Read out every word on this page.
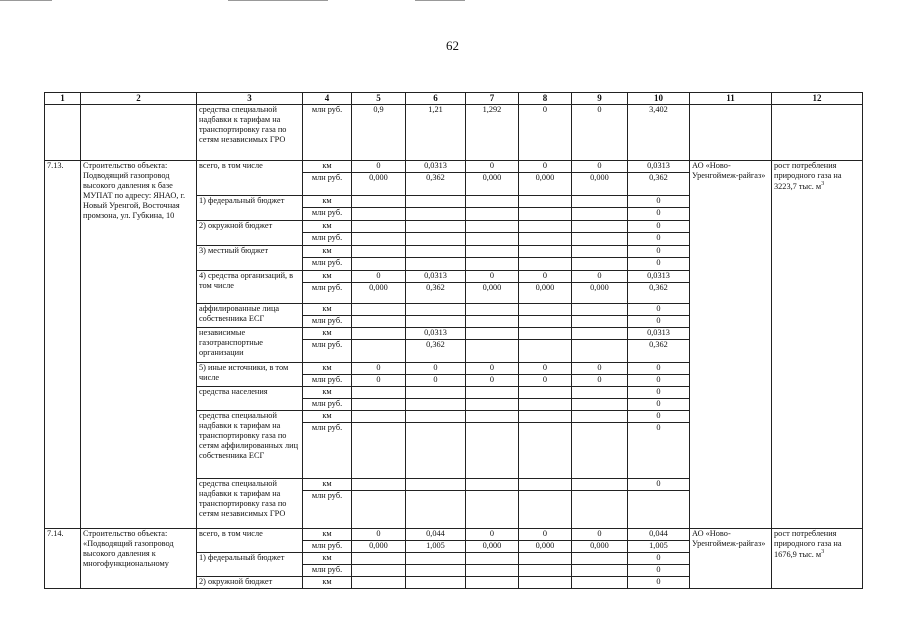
62
1	2	3	4	5	6	7	8	9	10	11	12
		средства специальной надбавки к тарифам на транспортировку газа по сетям независимых ГРО	млн руб.	0,9	1,21	1,292	0	0	3,402		
7.13.	Строительство объекта: Подводящий газопровод высокого давления к базе МУПАТ по адресу: ЯНАО, г. Новый Уренгой, Восточная промзона, ул. Губкина, 10	всего, в том числе	км	0	0,0313	0	0	0	0,0313	АО «Ново-Уренгоймеж-райгаз»	рост потребления природного газа на 3223,7 тыс. $м^3$
			млн руб.	0,000	0,362	0,000	0,000	0,000	0,362		
		1) федеральный бюджет	км						0		
			млн руб.						0		
		2) окружной бюджет	км						0		
			млн руб.						0		
		3) местный бюджет	км						0		
			млн руб.						0		
		4) средства организаций, в том числе	км	0	0,0313	0	0	0	0,0313		
			млн руб.	0,000	0,362	0,000	0,000	0,000	0,362		
		аффилированные лица собственника ЕСГ	км						0		
			млн руб.						0		
		независимые газотранспортные организации	км		0,0313				0,0313		
			млн руб.		0,362				0,362		
		5) иные источники, в том числе	км	0	0	0	0	0	0		
			млн руб.	0	0	0	0	0	0		
		средства населения	км						0		
			млн руб.						0		
		средства специальной надбавки к тарифам на транспортировку газа по сетям аффилированных лиц собственника ЕСГ	км						0		
			млн руб.						0		
		средства специальной надбавки к тарифам на транспортировку газа по сетям независимых ГРО	км						0		
			млн руб.								
7.14.	Строительство объекта: «Подводящий газопровод высокого давления к многофункциональному	всего, в том числе	км	0	0,044	0	0	0	0,044	АО «Ново-Уренгоймеж-райгаз»	рост потребления природного газа на 1676,9 тыс. $м^3$
			млн руб.	0,000	1,005	0,000	0,000	0,000	1,005		
		1) федеральный бюджет	км						0		
			млн руб.						0		
		2) окружной бюджет	км						0		
